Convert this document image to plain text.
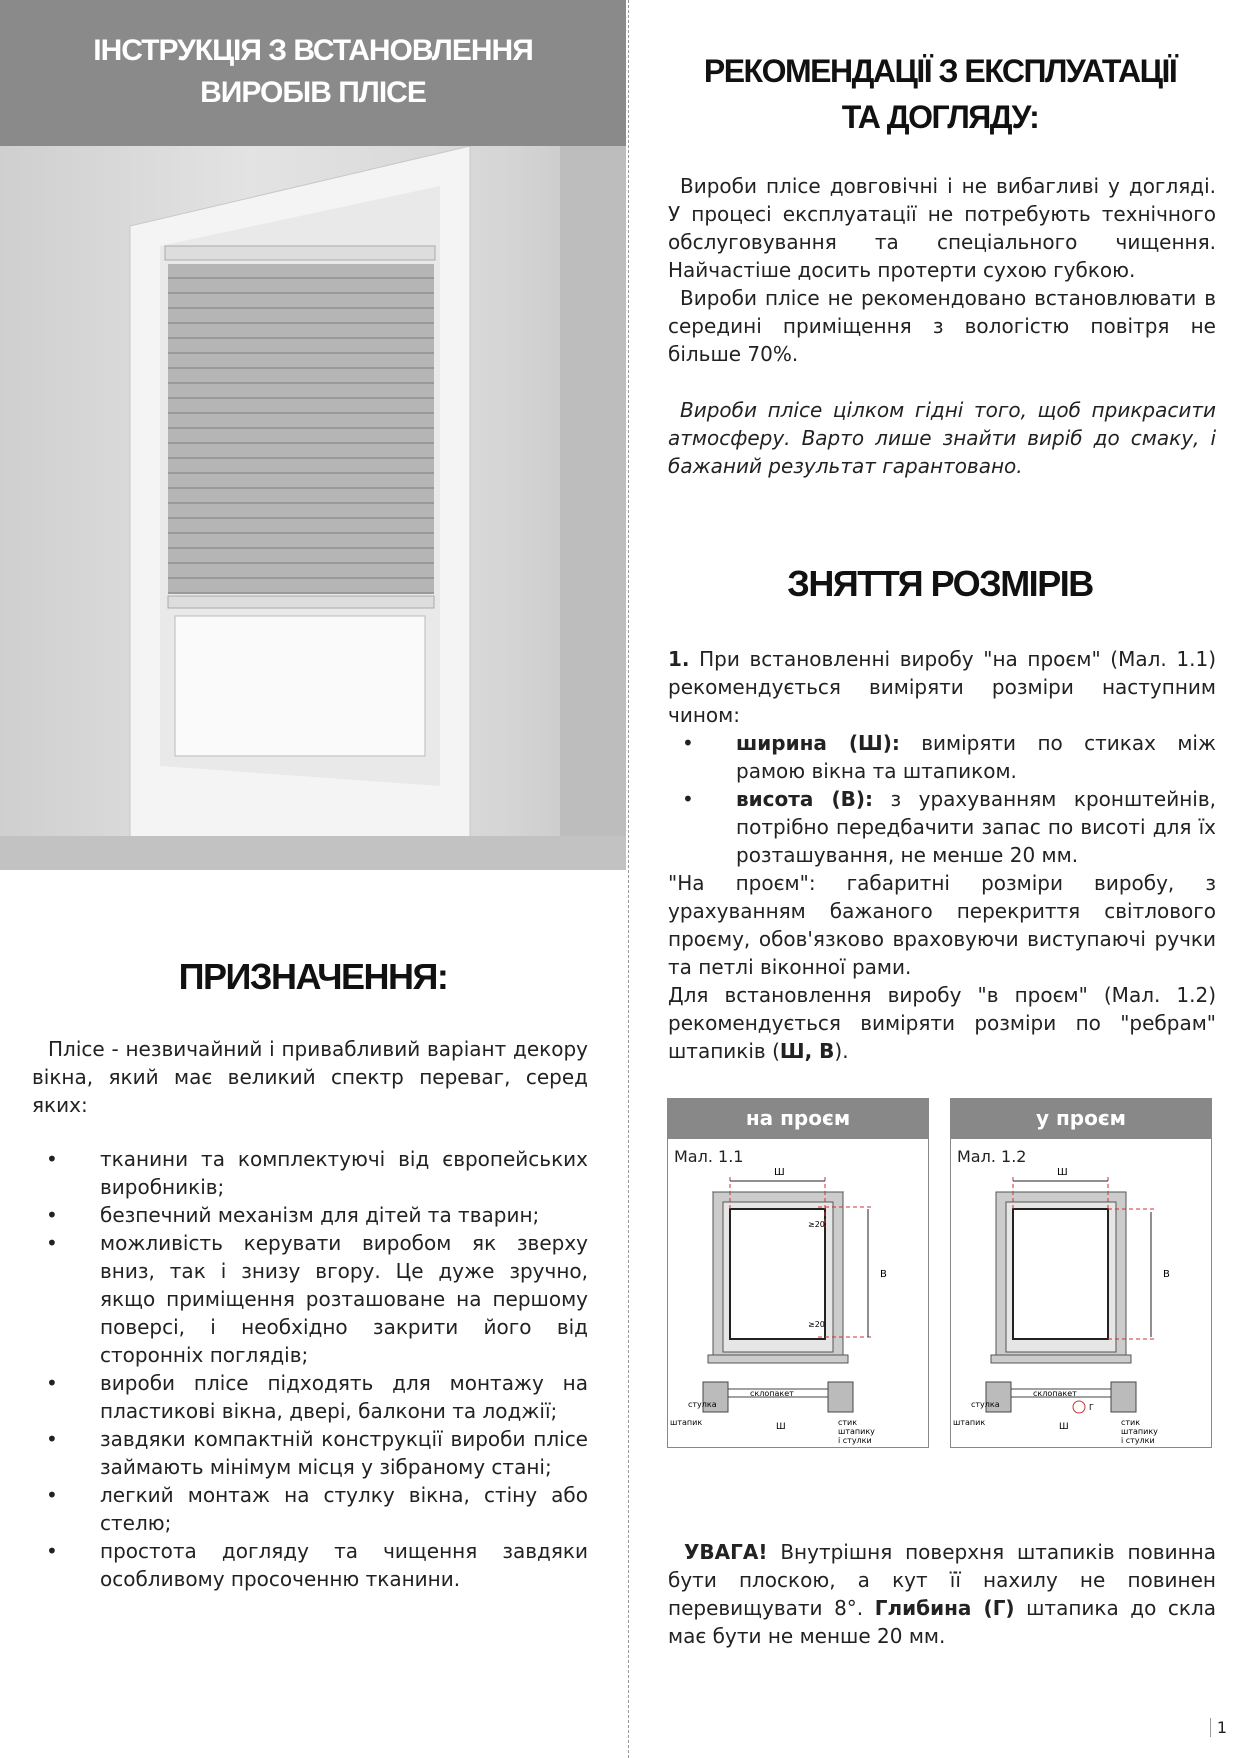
ІНСТРУКЦІЯ З ВСТАНОВЛЕННЯ
ВИРОБІВ ПЛІСЕ
ПРИЗНАЧЕННЯ:

Плісе - незвичайний і привабливий варіант декору вікна, який має великий спектр переваг, серед яких:

• тканини та комплектуючі від європейських виробників;
• безпечний механізм для дітей та тварин;
• можливість керувати виробом як зверху вниз, так і знизу вгору. Це дуже зручно, якщо приміщення розташоване на першому поверсі, і необхідно закрити його від сторонніх поглядів;
• вироби плісе підходять для монтажу на пластикові вікна, двері, балкони та лоджії;
• завдяки компактній конструкції вироби плісе займають мінімум місця у зібраному стані;
• легкий монтаж на стулку вікна, стіну або стелю;
• простота догляду та чищення завдяки особливому просоченню тканини.
РЕКОМЕНДАЦІЇ З ЕКСПЛУАТАЦІЇ
ТА ДОГЛЯДУ:

Вироби плісе довговічні і не вибагливі у догляді. У процесі експлуатації не потребують технічного обслуговування та спеціального чищення. Найчастіше досить протерти сухою губкою.

Вироби плісе не рекомендовано встановлювати в середині приміщення з вологістю повітря не більше 70%.

Вироби плісе цілком гідні того, щоб прикрасити атмосферу. Варто лише знайти виріб до смаку, і бажаний результат гарантовано.

ЗНЯТТЯ РОЗМІРІВ

1. При встановленні виробу "на проєм" (Мал. 1.1) рекомендується виміряти розміри наступним чином:

• ширина (Ш): виміряти по стиках між рамою вікна та штапиком.
• висота (В): з урахуванням кронштейнів, потрібно передбачити запас по висоті для їх розташування, не менше 20 мм.

"На проєм": габаритні розміри виробу, з урахуванням бажаного перекриття світлового проєму, обов'язково враховуючи виступаючі ручки та петлі віконної рами.

Для встановлення виробу "в проєм" (Мал. 1.2) рекомендується виміряти розміри по "ребрам" штапиків (Ш, В).

на проєм
Мал. 1.1
Ш
В
≥20
≥20
склопакет
штапик	Ш	стик
штапику
і стулки
стулка
у проєм
Мал. 1.2
Ш
В
склопакет
Г
штапик	Ш	стик
штапику
і стулки
стулка

УВАГА! Внутрішня поверхня штапиків повинна бути плоскою, а кут її нахилу не повинен перевищувати 8°. Глибина (Г) штапика до скла має бути не менше 20 мм.

1
